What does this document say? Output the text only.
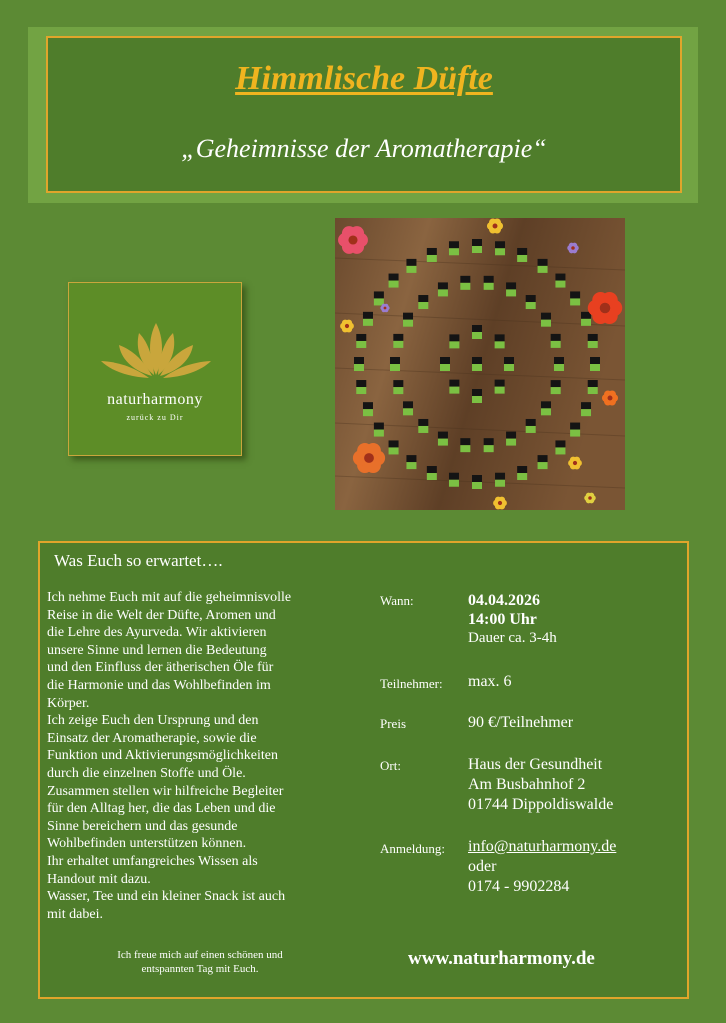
Himmlische Düfte
„Geheimnisse der Aromatherapie“
naturharmony
zurück zu Dir
Was Euch so erwartet….
Ich nehme Euch mit auf die geheimnisvolle
Reise in die Welt der Düfte, Aromen und
die Lehre des Ayurveda. Wir aktivieren
unsere Sinne und lernen die Bedeutung
und den Einfluss der ätherischen Öle für
die Harmonie und das Wohlbefinden im
Körper.
Ich zeige Euch den Ursprung und den
Einsatz der Aromatherapie, sowie die
Funktion und Aktivierungsmöglichkeiten
durch die einzelnen Stoffe und Öle.
Zusammen stellen wir hilfreiche Begleiter
für den Alltag her, die das Leben und die
Sinne bereichern und das gesunde
Wohlbefinden unterstützen können.
Ihr erhaltet umfangreiches Wissen als
Handout mit dazu.
Wasser, Tee und ein kleiner Snack ist auch
mit dabei.
Ich freue mich auf einen schönen und
entspannten Tag mit Euch.
Wann:	04.04.2026
14:00 Uhr
Dauer ca. 3-4h
Teilnehmer: max. 6
Preis	90 €/Teilnehmer
Ort:	Haus der Gesundheit
Am Busbahnhof 2
01744 Dippoldiswalde
Anmeldung: info@naturharmony.de
oder
0174 - 9902284
www.naturharmony.de
